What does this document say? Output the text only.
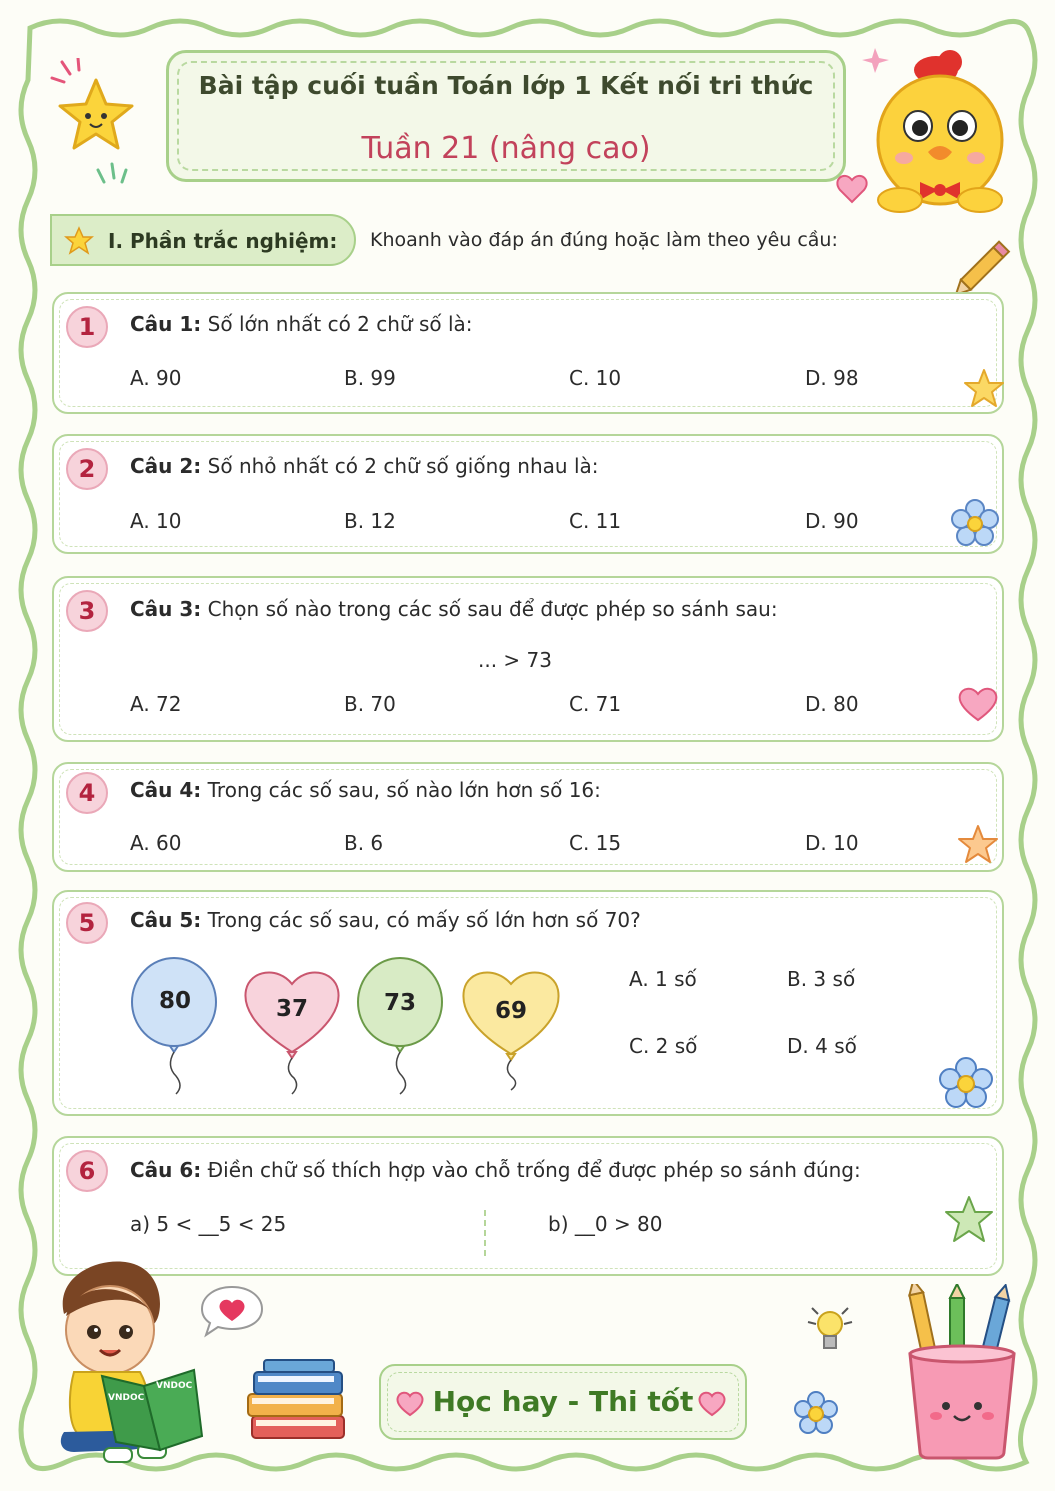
Bài tập cuối tuần Toán lớp 1 Kết nối tri thức
Tuần 21 (nâng cao)
I. Phần trắc nghiệm: Khoanh vào đáp án đúng hoặc làm theo yêu cầu:
1	Câu 1: Số lớn nhất có 2 chữ số là:
A. 90	B. 99	C. 10	D. 98
2	Câu 2: Số nhỏ nhất có 2 chữ số giống nhau là:
A. 10	B. 12	C. 11	D. 90
3	Câu 3: Chọn số nào trong các số sau để được phép so sánh sau:
... > 73
A. 72	B. 70	C. 71	D. 80
4	Câu 4: Trong các số sau, số nào lớn hơn số 16:
A. 60	B. 6	C. 15	D. 10
5	Câu 5: Trong các số sau, có mấy số lớn hơn số 70?
80	37	73	69
A. 1 số	B. 3 số
C. 2 số	D. 4 số
6	Câu 6: Điền chữ số thích hợp vào chỗ trống để được phép so sánh đúng:
a) 5 < __5 < 25	b) __0 > 80
VNDOC
VNDOC	Học hay - Thi tốt
